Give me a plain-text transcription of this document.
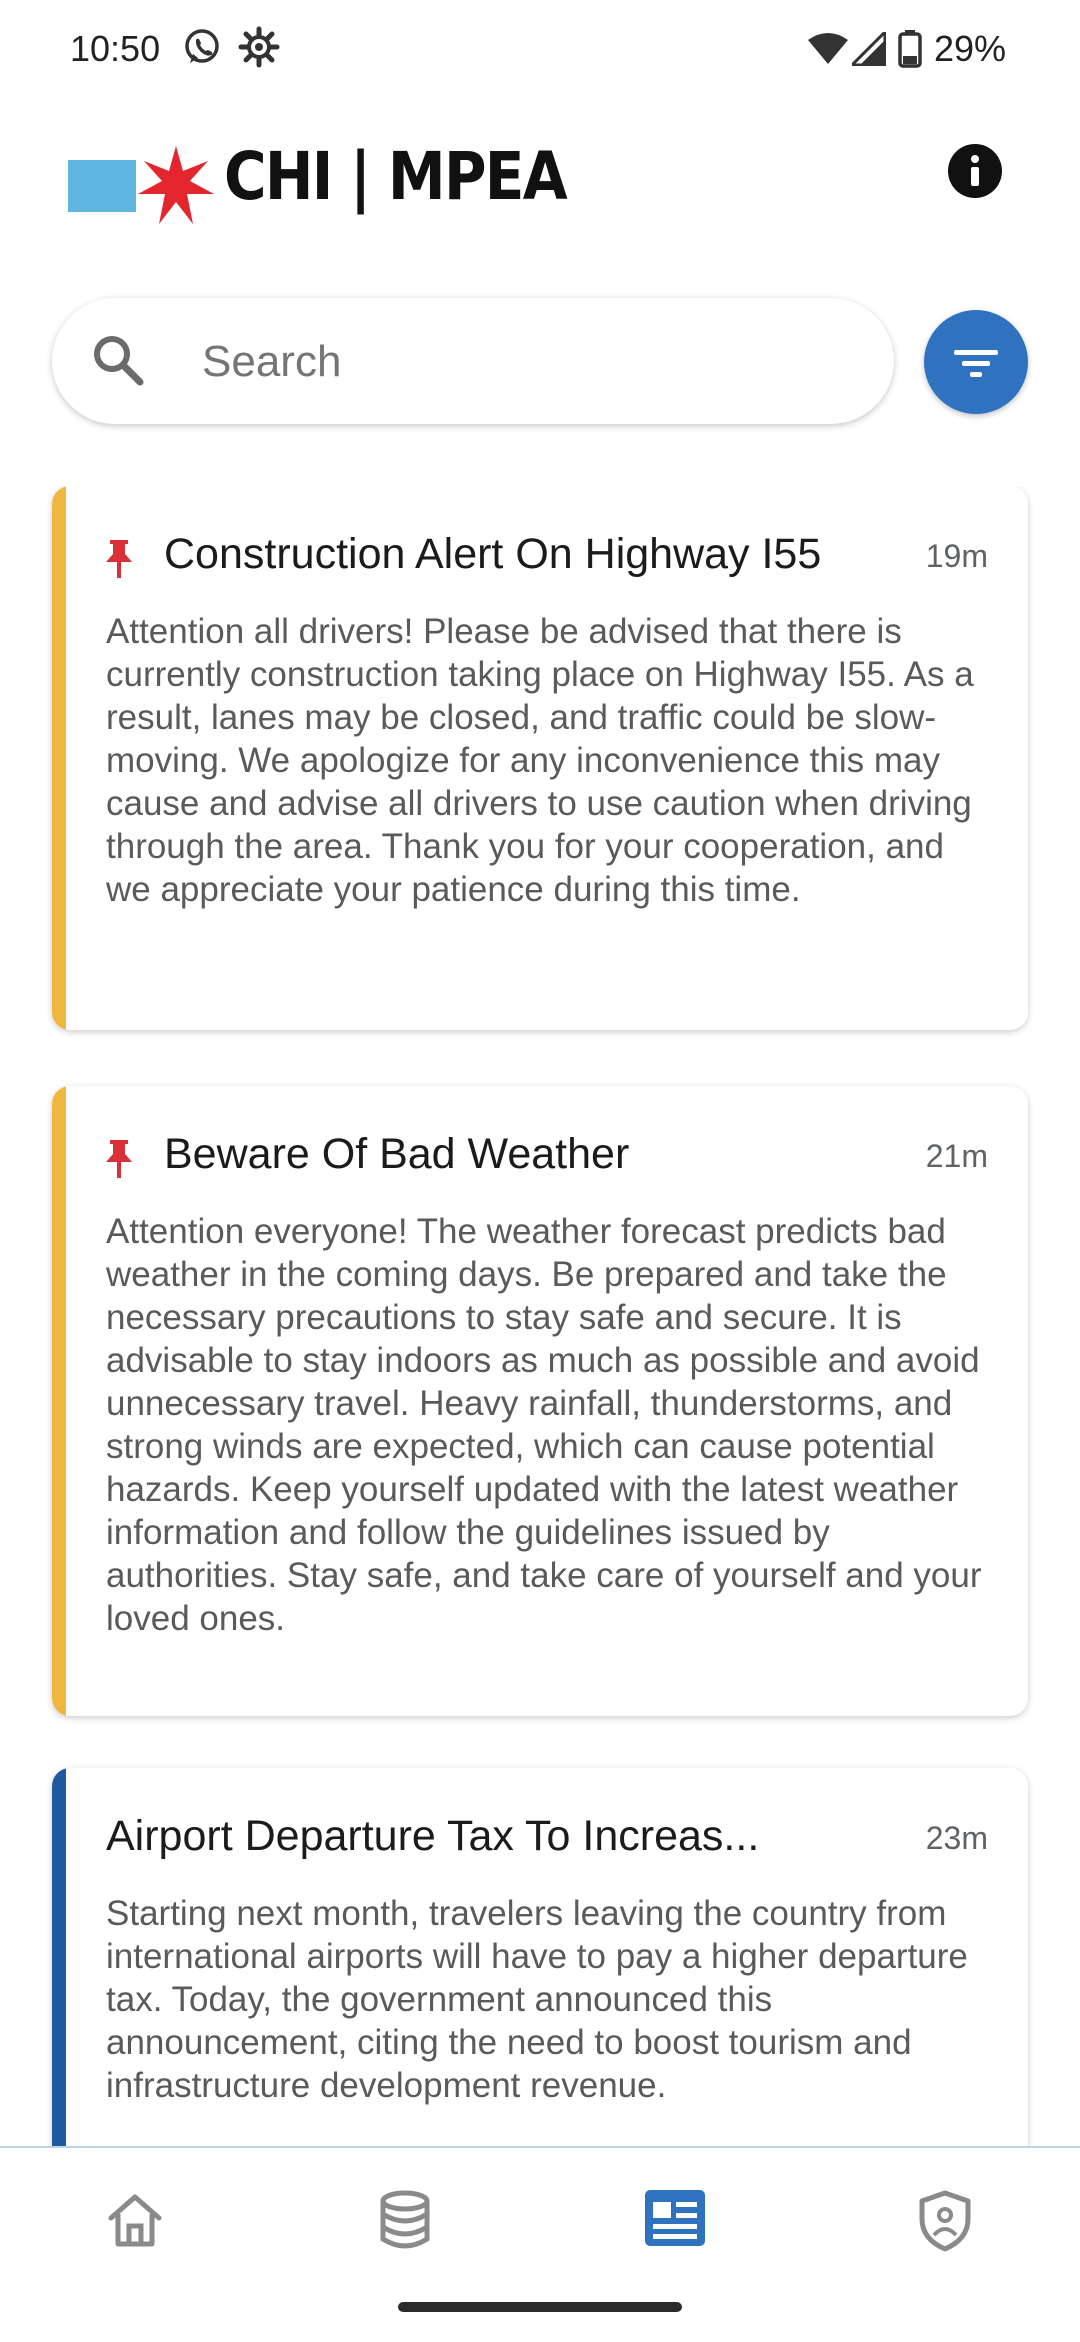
10:50	29%
CHI | MPEA
Search
Construction Alert On Highway I55	19m
Attention all drivers! Please be advised that there is currently construction taking place on Highway I55. As a result, lanes may be closed, and traffic could be slow-moving. We apologize for any inconvenience this may cause and advise all drivers to use caution when driving through the area. Thank you for your cooperation, and we appreciate your patience during this time.
Beware Of Bad Weather	21m
Attention everyone! The weather forecast predicts bad weather in the coming days. Be prepared and take the necessary precautions to stay safe and secure. It is advisable to stay indoors as much as possible and avoid unnecessary travel. Heavy rainfall, thunderstorms, and strong winds are expected, which can cause potential hazards. Keep yourself updated with the latest weather information and follow the guidelines issued by authorities. Stay safe, and take care of yourself and your loved ones.
Airport Departure Tax To Increas...	23m
Starting next month, travelers leaving the country from international airports will have to pay a higher departure tax. Today, the government announced this announcement, citing the need to boost tourism and infrastructure development revenue.
